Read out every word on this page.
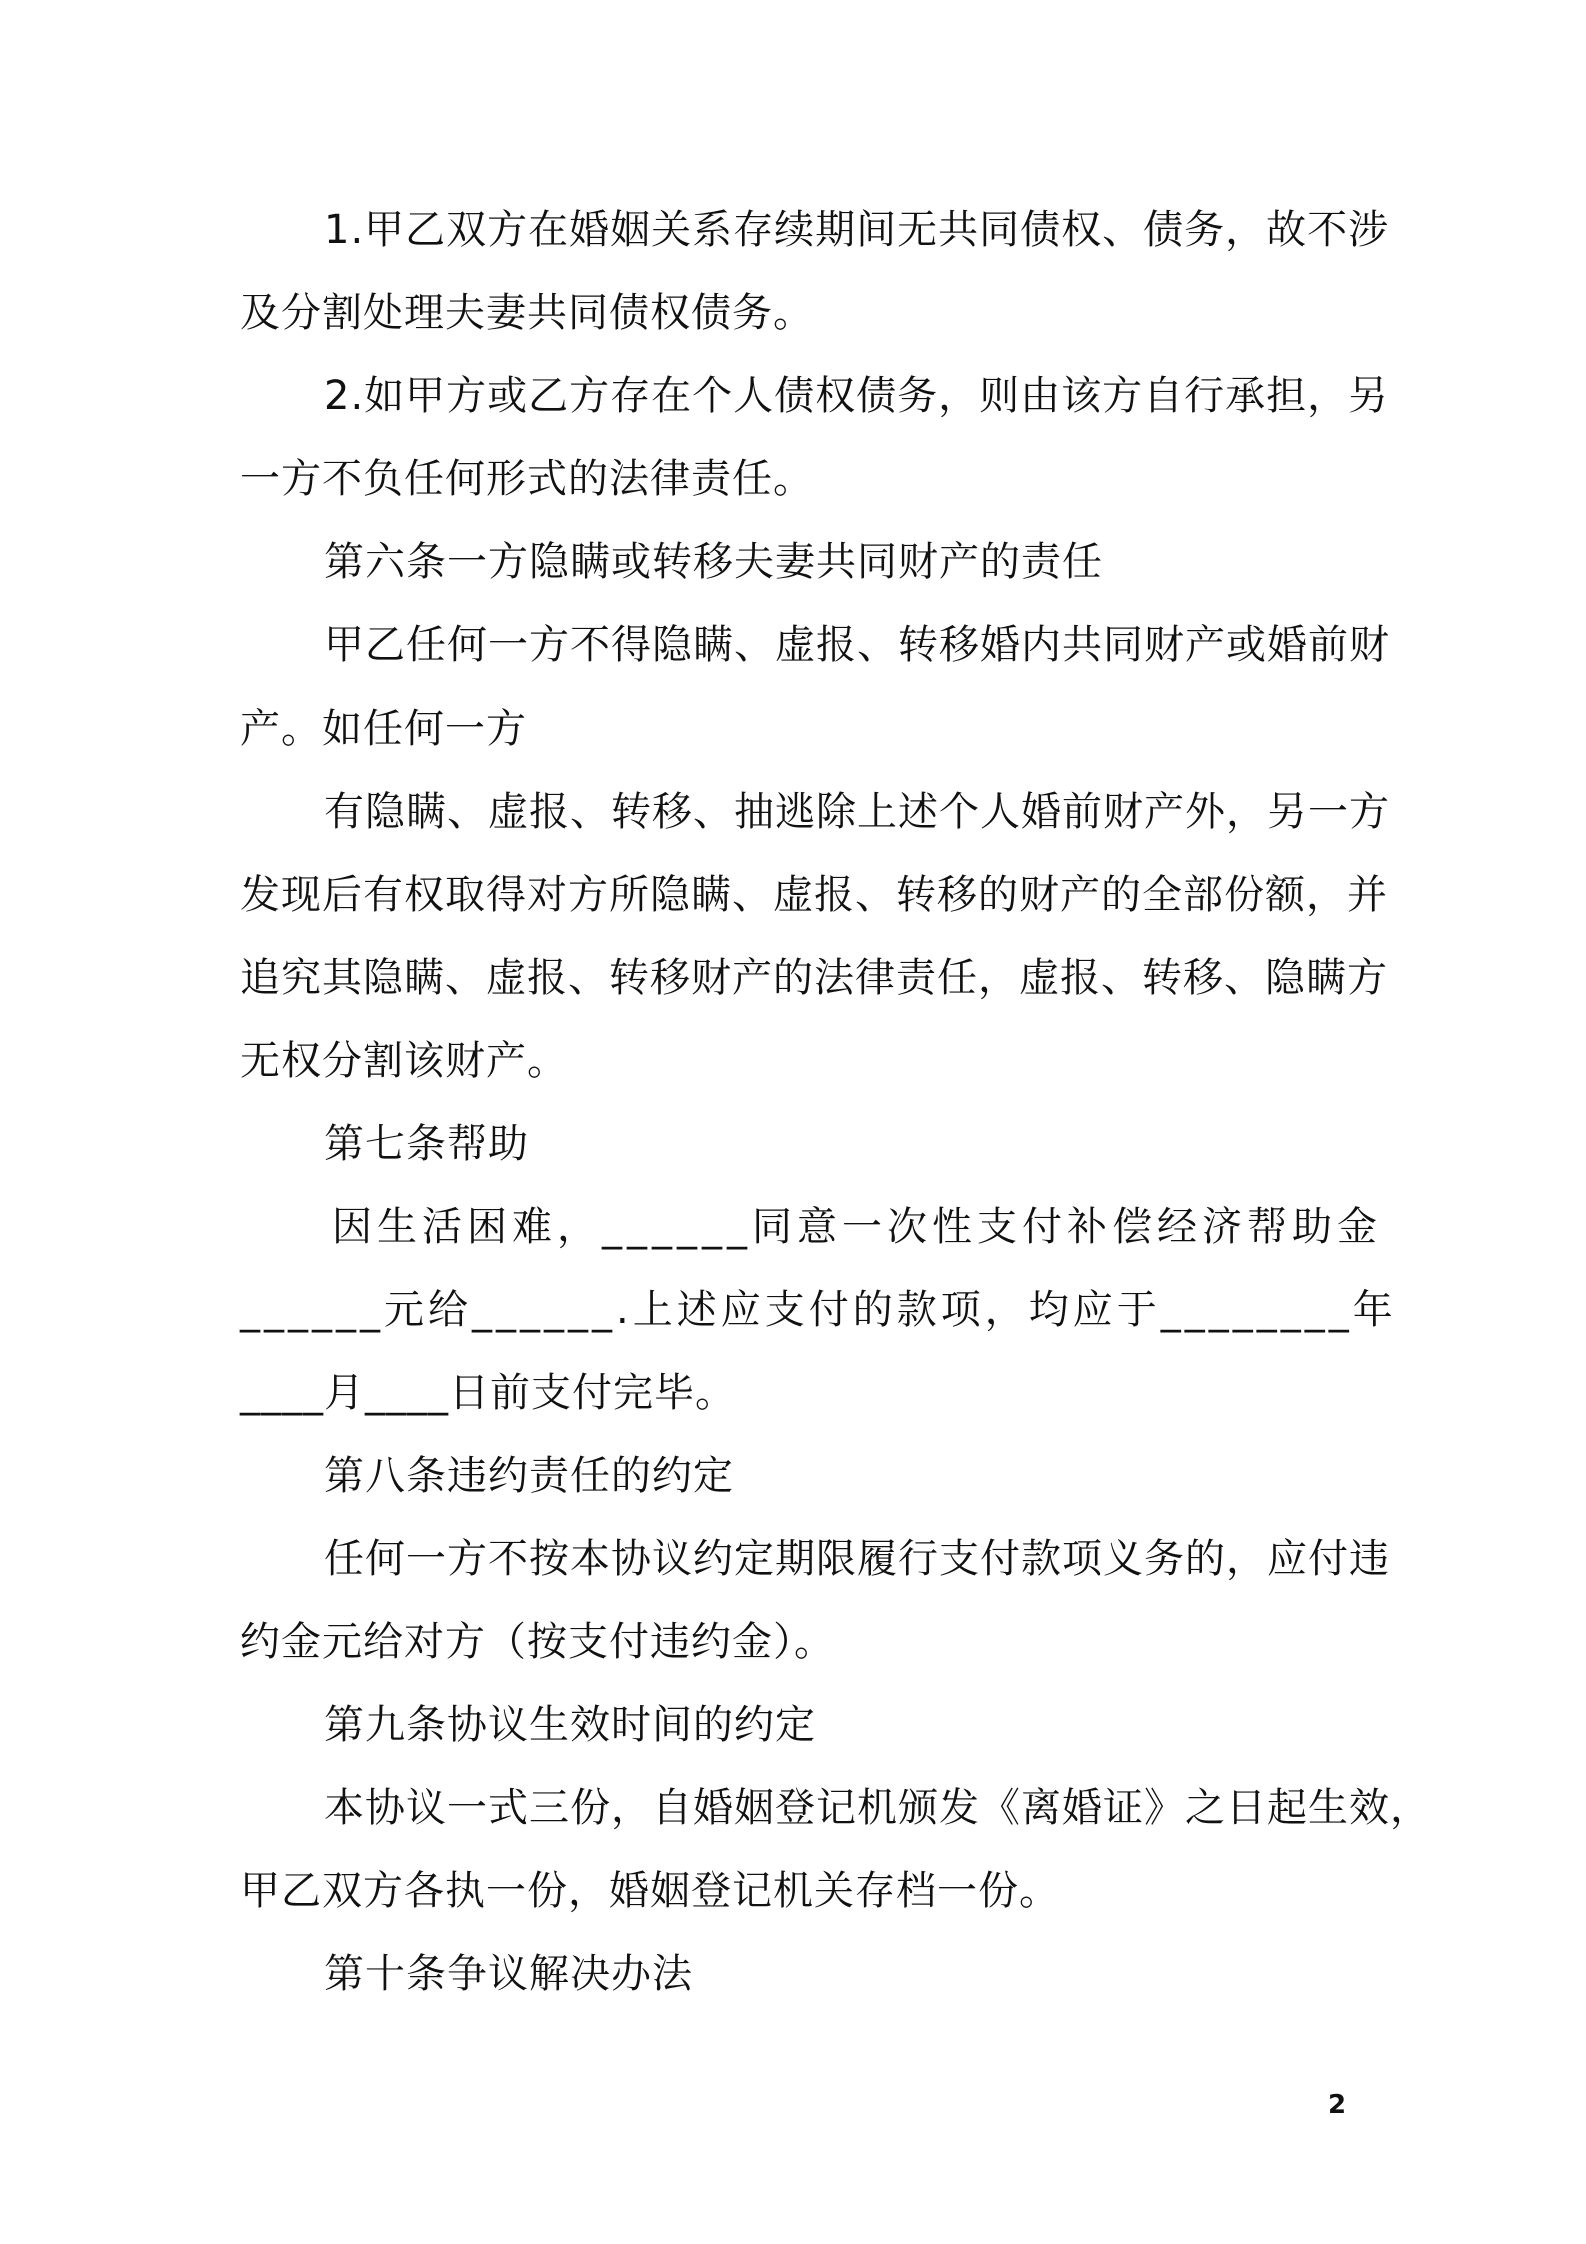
1.甲乙双方在婚姻关系存续期间无共同债权、债务，故不涉
及分割处理夫妻共同债权债务。
2.如甲方或乙方存在个人债权债务，则由该方自行承担，另
一方不负任何形式的法律责任。
第六条一方隐瞒或转移夫妻共同财产的责任
甲乙任何一方不得隐瞒、虚报、转移婚内共同财产或婚前财
产。如任何一方
有隐瞒、虚报、转移、抽逃除上述个人婚前财产外，另一方
发现后有权取得对方所隐瞒、虚报、转移的财产的全部份额，并
追究其隐瞒、虚报、转移财产的法律责任，虚报、转移、隐瞒方
无权分割该财产。
第七条帮助
因生活困难，______同意一次性支付补偿经济帮助金
______元给______.上述应支付的款项，均应于________年
____月____日前支付完毕。
第八条违约责任的约定
任何一方不按本协议约定期限履行支付款项义务的，应付违
约金元给对方（按支付违约金）。
第九条协议生效时间的约定
本协议一式三份，自婚姻登记机颁发《离婚证》之日起生效，
甲乙双方各执一份，婚姻登记机关存档一份。
第十条争议解决办法
2
